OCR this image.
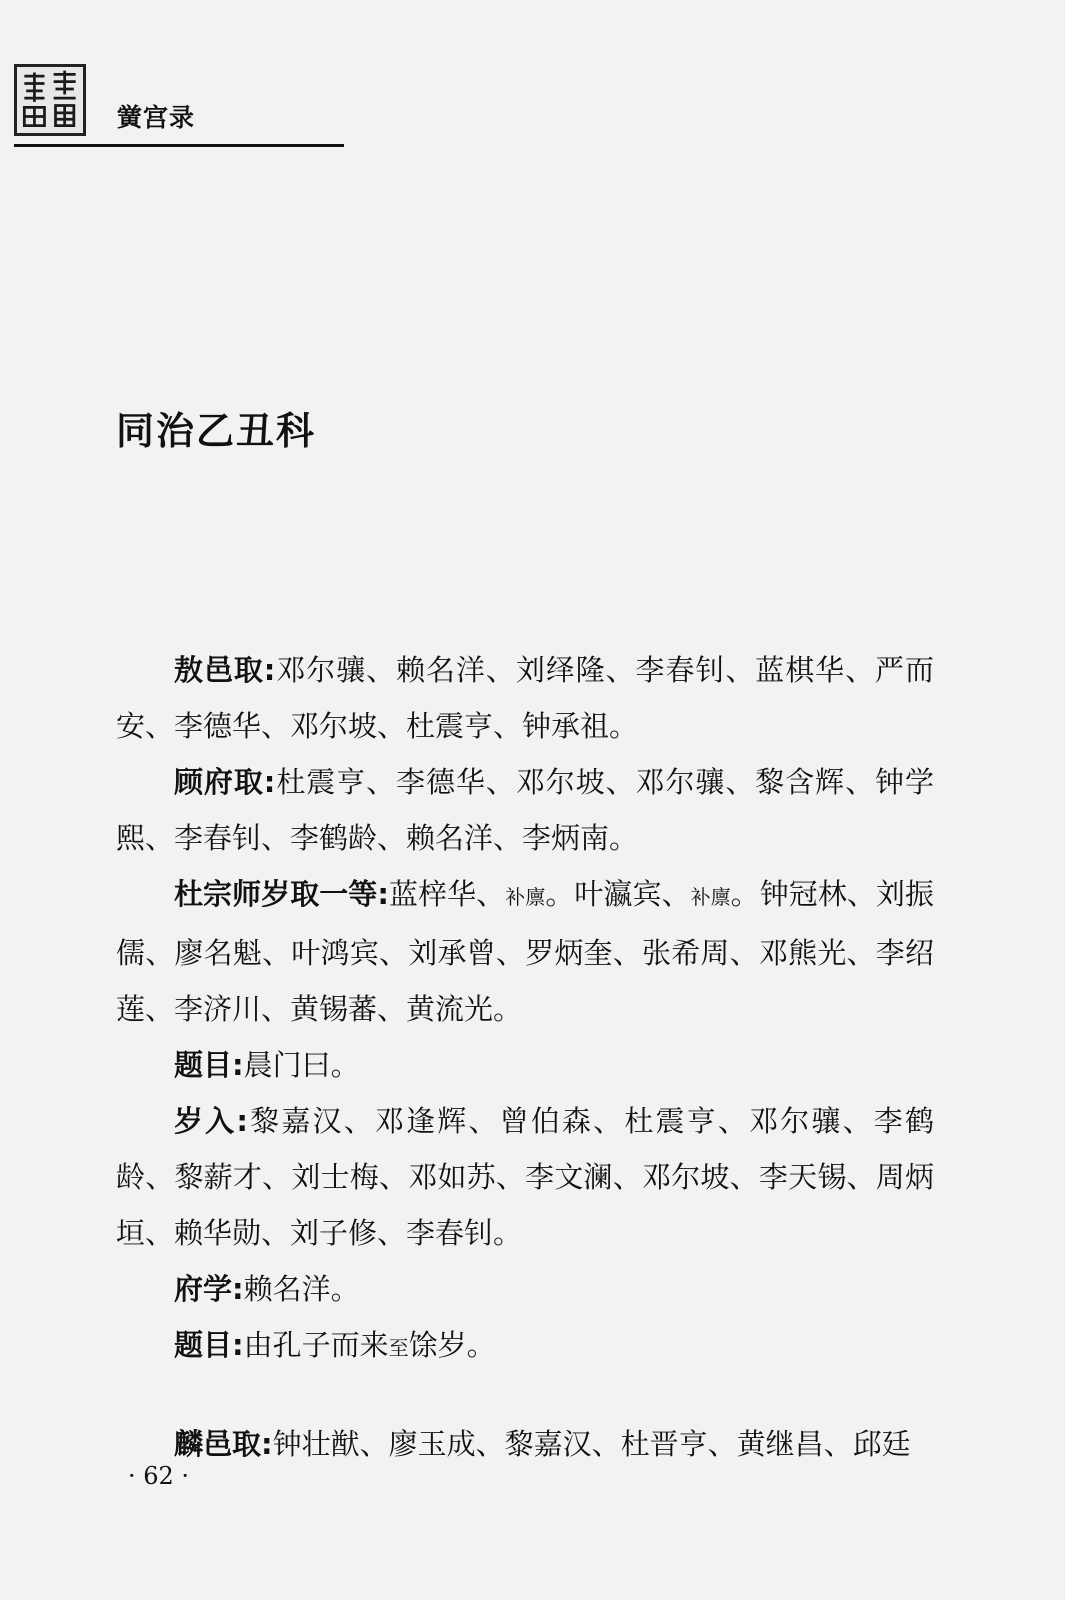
黉宫录
同治乙丑科

敖邑取:邓尔骧、赖名洋、刘绎隆、李春钊、蓝棋华、严而安、李德华、邓尔坡、杜震亨、钟承祖。

顾府取:杜震亨、李德华、邓尔坡、邓尔骧、黎含辉、钟学熙、李春钊、李鹤龄、赖名洋、李炳南。

杜宗师岁取一等:蓝梓华、补廪。叶瀛宾、补廪。钟冠林、刘振儒、廖名魁、叶鸿宾、刘承曾、罗炳奎、张希周、邓熊光、李绍莲、李济川、黄锡蕃、黄流光。

题目:晨门曰。

岁入:黎嘉汉、邓逢辉、曾伯森、杜震亨、邓尔骧、李鹤龄、黎薪才、刘士梅、邓如苏、李文澜、邓尔坡、李天锡、周炳垣、赖华勋、刘子修、李春钊。

府学:赖名洋。

题目:由孔子而来至馀岁。

麟邑取:钟壮猷、廖玉成、黎嘉汉、杜晋亨、黄继昌、邱廷

· 62 ·
